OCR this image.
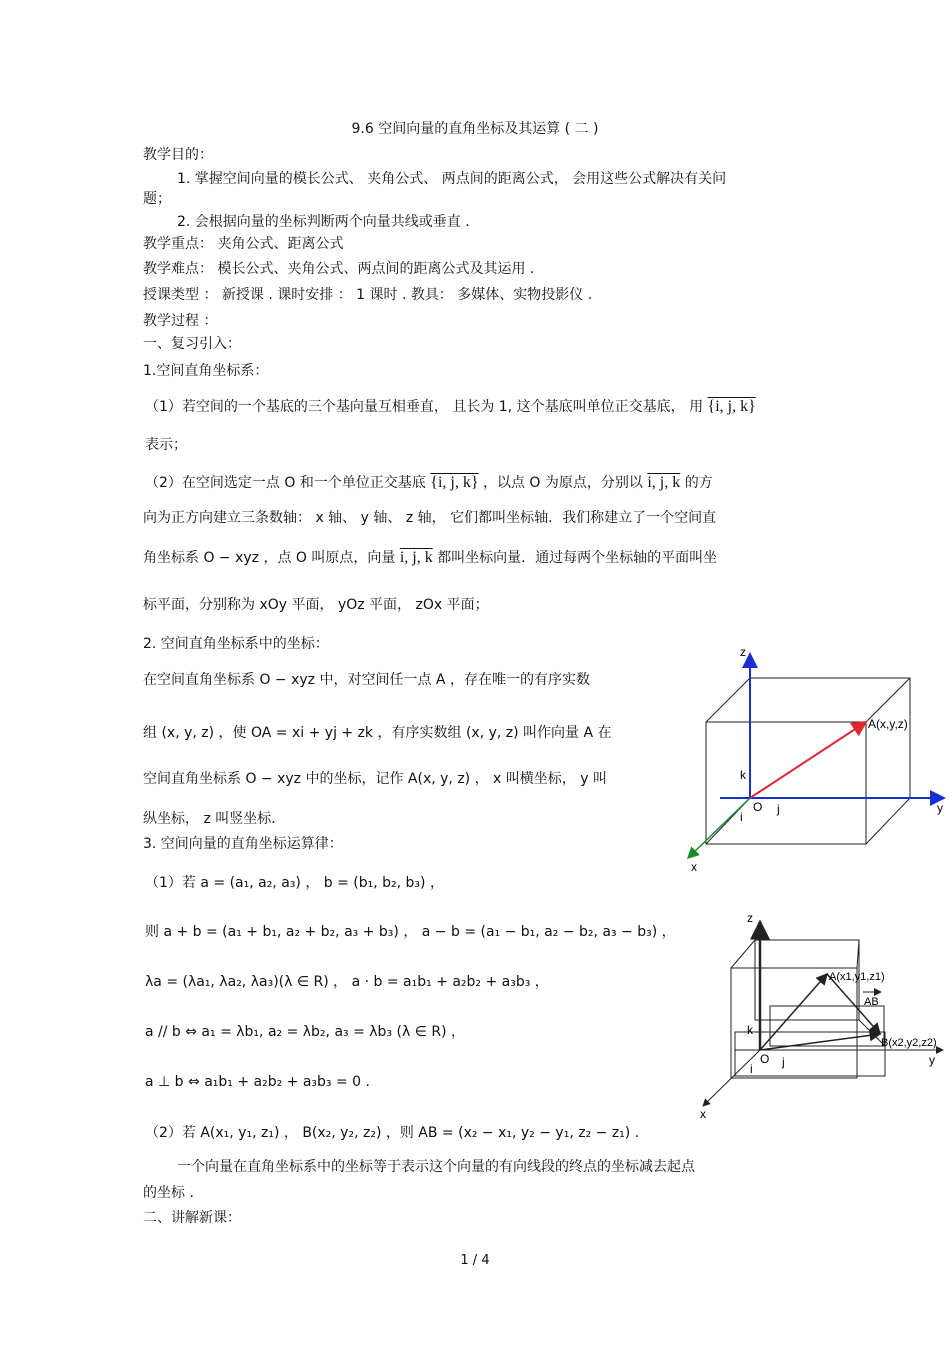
9.6 空间向量的直角坐标及其运算 ( 二 )
教学目的：
1. 掌握空间向量的模长公式、 夹角公式、 两点间的距离公式， 会用这些公式解决有关问
题；
2. 会根据向量的坐标判断两个向量共线或垂直 .
教学重点： 夹角公式、距离公式
教学难点： 模长公式、夹角公式、两点间的距离公式及其运用 .
授课类型 ： 新授课 . 课时安排 ： 1 课时 . 教具： 多媒体、实物投影仪 .
教学过程 ：
一、复习引入：
1.空间直角坐标系：
（1）若空间的一个基底的三个基向量互相垂直， 且长为 1, 这个基底叫单位正交基底， 用 {i, j, k}
表示；
（2）在空间选定一点 O 和一个单位正交基底 {i, j, k} ，以点 O 为原点，分别以 i, j, k 的方
向为正方向建立三条数轴： x 轴、 y 轴、 z 轴， 它们都叫坐标轴．我们称建立了一个空间直
角坐标系 O − xyz ，点 O 叫原点，向量 i, j, k 都叫坐标向量．通过每两个坐标轴的平面叫坐
标平面，分别称为 xOy 平面， yOz 平面， zOx 平面；
2. 空间直角坐标系中的坐标：
在空间直角坐标系 O − xyz 中，对空间任一点 A ，存在唯一的有序实数
组 (x, y, z) ，使 OA = xi + yj + zk ，有序实数组 (x, y, z) 叫作向量 A 在
空间直角坐标系 O − xyz 中的坐标，记作 A(x, y, z) ， x 叫横坐标， y 叫
纵坐标， z 叫竖坐标．
3. 空间向量的直角坐标运算律：
（1）若 a = (a₁, a₂, a₃) ， b = (b₁, b₂, b₃) ，
则 a + b = (a₁ + b₁, a₂ + b₂, a₃ + b₃) ， a − b = (a₁ − b₁, a₂ − b₂, a₃ − b₃) ，
λa = (λa₁, λa₂, λa₃)(λ ∈ R) ， a · b = a₁b₁ + a₂b₂ + a₃b₃ ，
a // b ⇔ a₁ = λb₁, a₂ = λb₂, a₃ = λb₃ (λ ∈ R) ，
a ⊥ b ⇔ a₁b₁ + a₂b₂ + a₃b₃ = 0 .
（2）若 A(x₁, y₁, z₁) ， B(x₂, y₂, z₂) ，则 AB = (x₂ − x₁, y₂ − y₁, z₂ − z₁) .
一个向量在直角坐标系中的坐标等于表示这个向量的有向线段的终点的坐标减去起点
的坐标 .
二、讲解新课：
1 / 4
z
y
x
A(x,y,z)
k
O j
i
z
y
x
A(x1,y1,z1)
B(x2,y2,z2)
AB
k
O j
i
